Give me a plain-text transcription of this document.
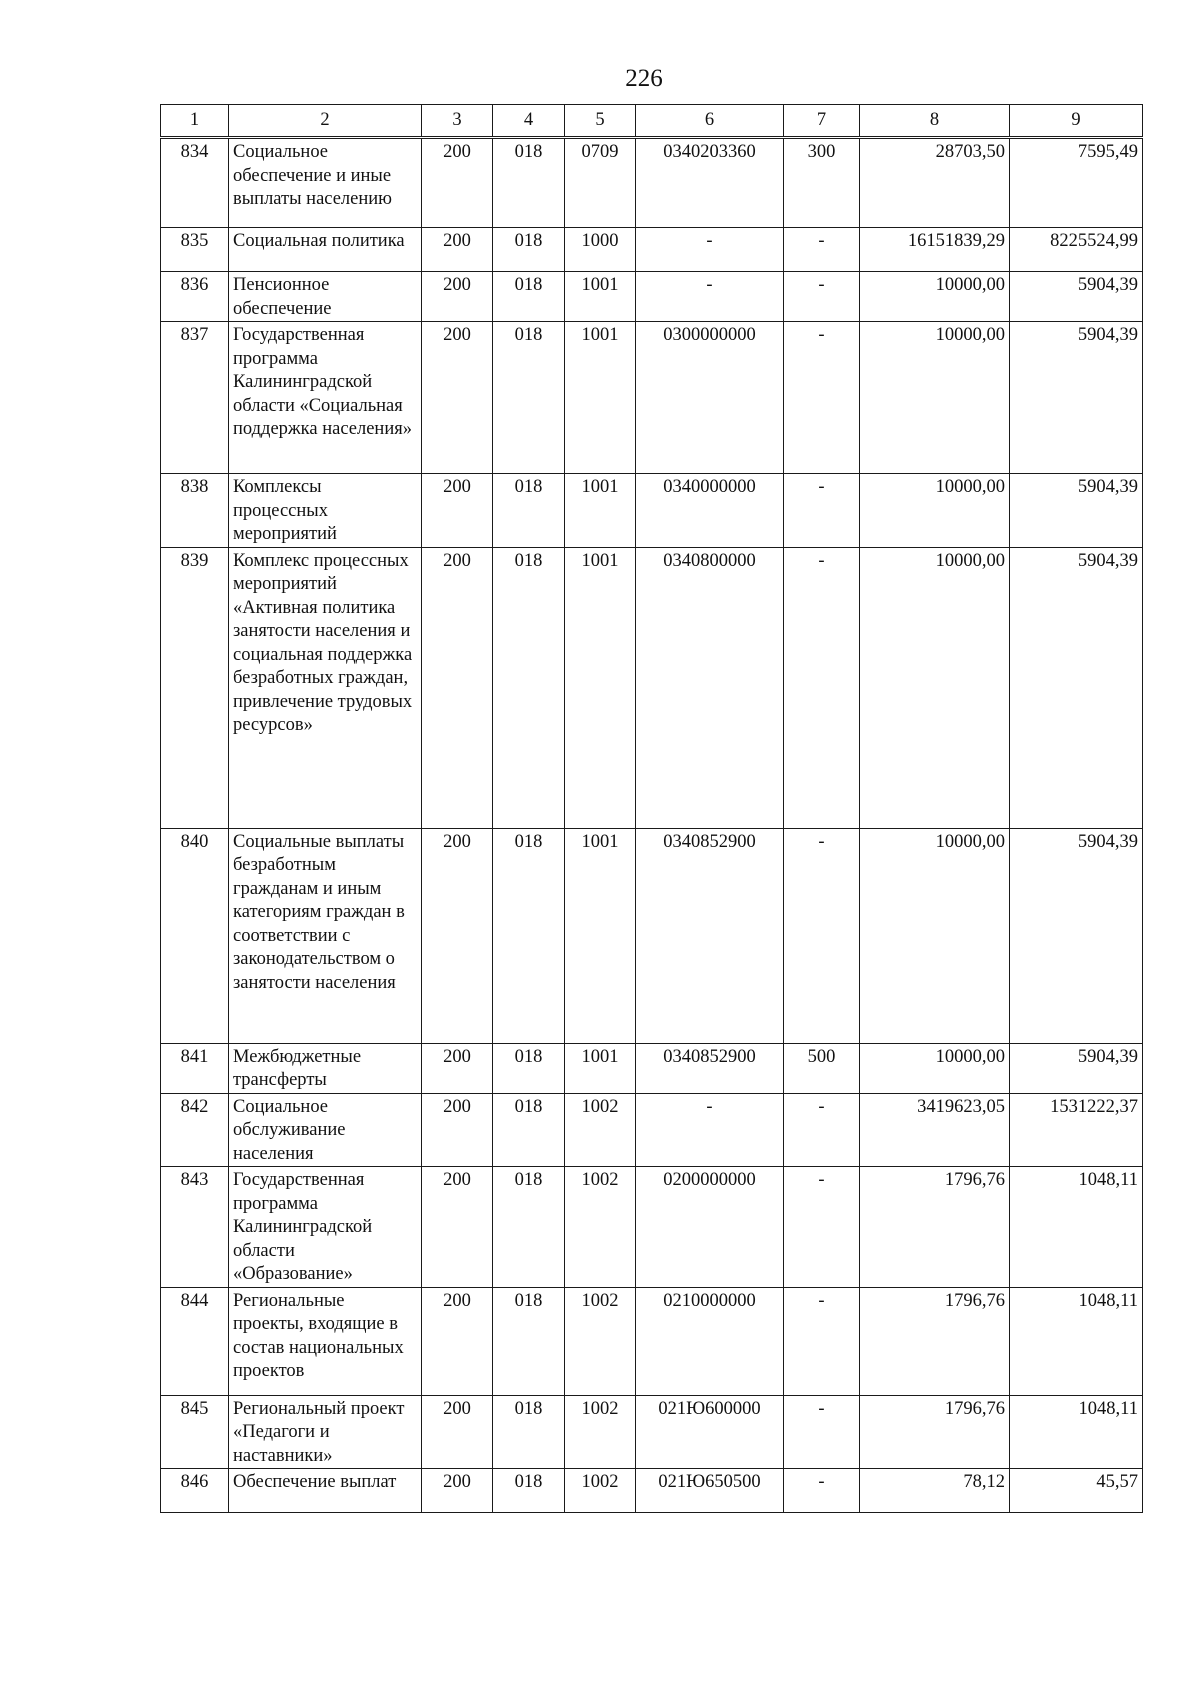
226
1	2	3	4	5	6	7	8	9
834	Социальное обеспечение и иные выплаты населению	200	018	0709	0340203360	300	28703,50	7595,49
835	Социальная политика	200	018	1000	-	-	16151839,29	8225524,99
836	Пенсионное обеспечение	200	018	1001	-	-	10000,00	5904,39
837	Государственная программа Калининградской области «Социальная поддержка населения»	200	018	1001	0300000000	-	10000,00	5904,39
838	Комплексы процессных мероприятий	200	018	1001	0340000000	-	10000,00	5904,39
839	Комплекс процессных мероприятий «Активная политика занятости населения и социальная поддержка безработных граждан, привлечение трудовых ресурсов»	200	018	1001	0340800000	-	10000,00	5904,39
840	Социальные выплаты безработным гражданам и иным категориям граждан в соответствии с законодательством о занятости населения	200	018	1001	0340852900	-	10000,00	5904,39
841	Межбюджетные трансферты	200	018	1001	0340852900	500	10000,00	5904,39
842	Социальное обслуживание населения	200	018	1002	-	-	3419623,05	1531222,37
843	Государственная программа Калининградской области «Образование»	200	018	1002	0200000000	-	1796,76	1048,11
844	Региональные проекты, входящие в состав национальных проектов	200	018	1002	0210000000	-	1796,76	1048,11
845	Региональный проект «Педагоги и наставники»	200	018	1002	021Ю600000	-	1796,76	1048,11
846	Обеспечение выплат	200	018	1002	021Ю650500	-	78,12	45,57
